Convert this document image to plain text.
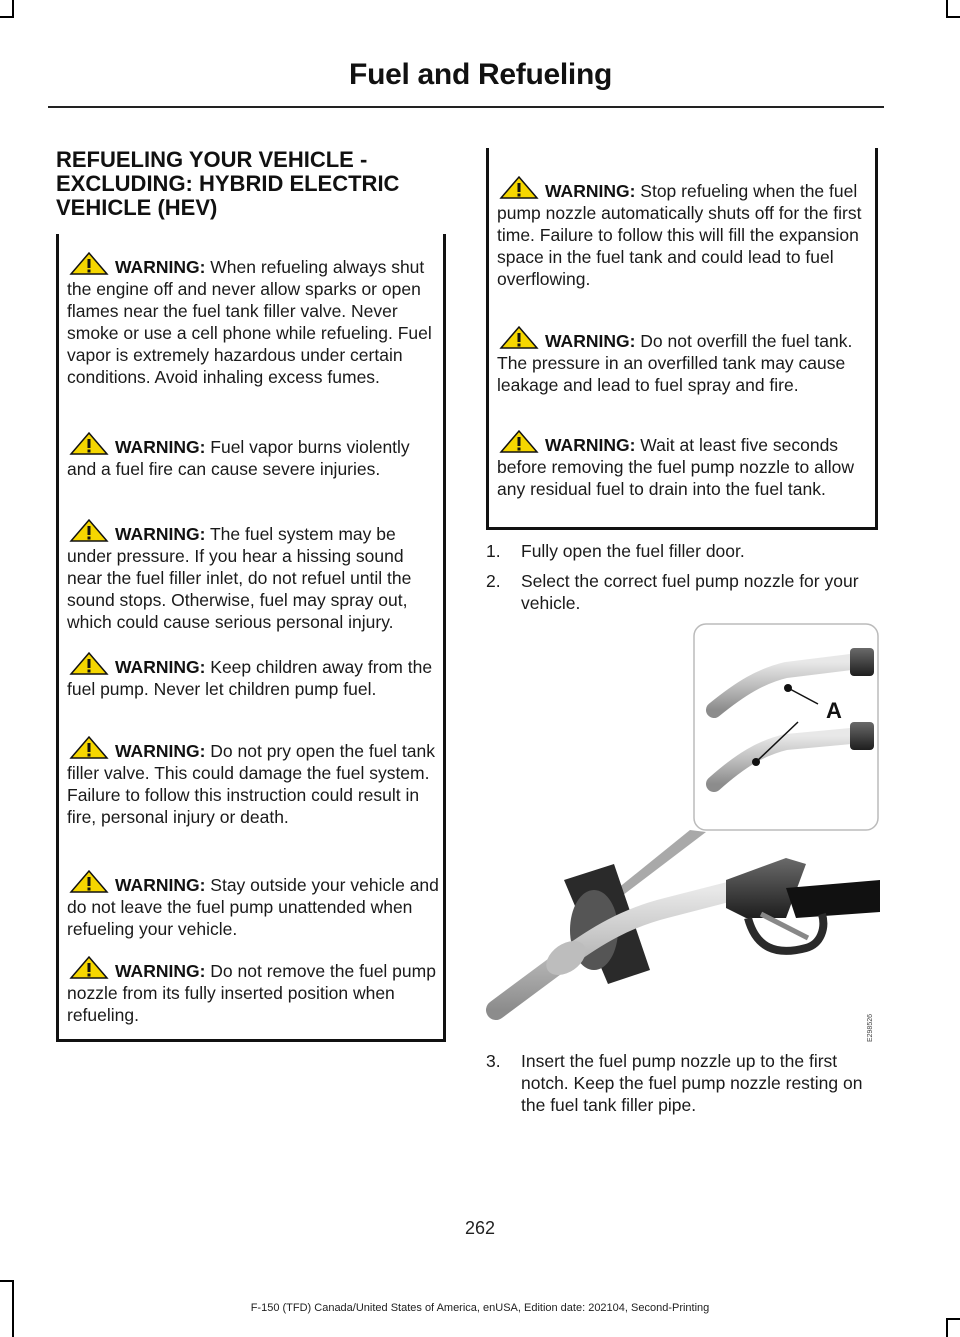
Fuel and Refueling
REFUELING YOUR VEHICLE - EXCLUDING: HYBRID ELECTRIC VEHICLE (HEV)
WARNING: When refueling always shut the engine off and never allow sparks or open flames near the fuel tank filler valve. Never smoke or use a cell phone while refueling. Fuel vapor is extremely hazardous under certain conditions. Avoid inhaling excess fumes.
WARNING: Fuel vapor burns violently and a fuel fire can cause severe injuries.
WARNING: The fuel system may be under pressure. If you hear a hissing sound near the fuel filler inlet, do not refuel until the sound stops. Otherwise, fuel may spray out, which could cause serious personal injury.
WARNING: Keep children away from the fuel pump. Never let children pump fuel.
WARNING: Do not pry open the fuel tank filler valve. This could damage the fuel system. Failure to follow this instruction could result in fire, personal injury or death.
WARNING: Stay outside your vehicle and do not leave the fuel pump unattended when refueling your vehicle.
WARNING: Do not remove the fuel pump nozzle from its fully inserted position when refueling.
WARNING: Stop refueling when the fuel pump nozzle automatically shuts off for the first time. Failure to follow this will fill the expansion space in the fuel tank and could lead to fuel overflowing.
WARNING: Do not overfill the fuel tank. The pressure in an overfilled tank may cause leakage and lead to fuel spray and fire.
WARNING: Wait at least five seconds before removing the fuel pump nozzle to allow any residual fuel to drain into the fuel tank.
1. Fully open the fuel filler door.
2. Select the correct fuel pump nozzle for your vehicle.
A
E298526
3. Insert the fuel pump nozzle up to the first notch. Keep the fuel pump nozzle resting on the fuel tank filler pipe.
262
F-150 (TFD) Canada/United States of America, enUSA, Edition date: 202104, Second-Printing
